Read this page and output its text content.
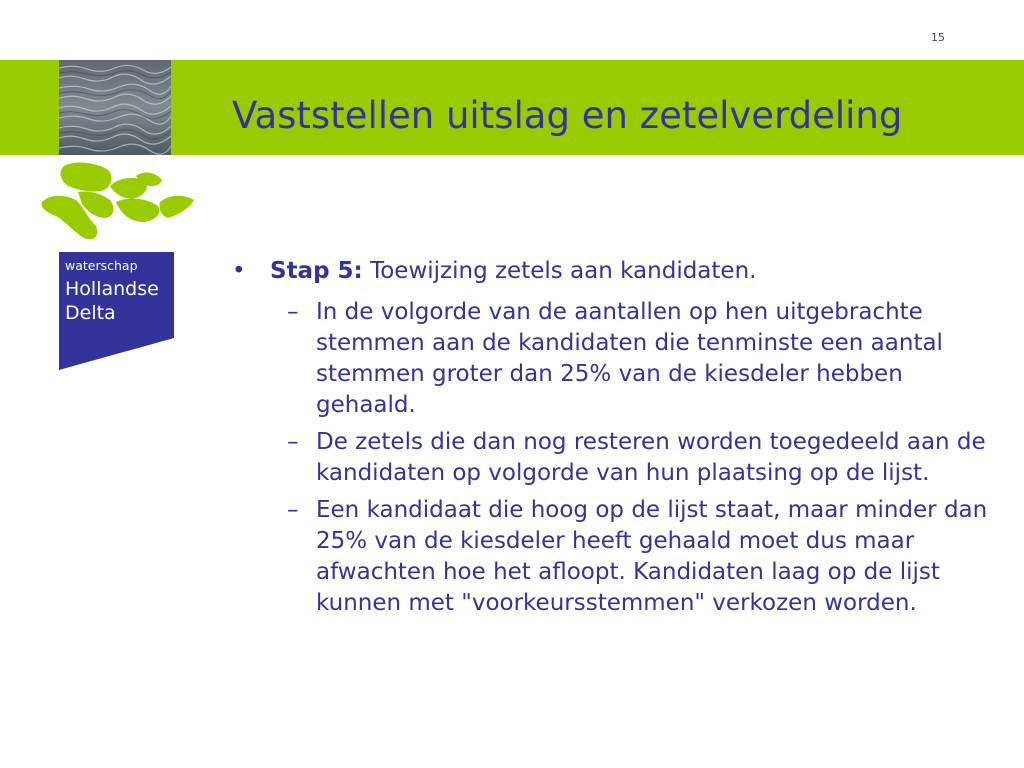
15
Vaststellen uitslag en zetelverdeling
waterschap
Hollandse
Delta
• Stap 5: Toewijzing zetels aan kandidaten.
– In de volgorde van de aantallen op hen uitgebrachte stemmen aan de kandidaten die tenminste een aantal stemmen groter dan 25% van de kiesdeler hebben gehaald.
– De zetels die dan nog resteren worden toegedeeld aan de kandidaten op volgorde van hun plaatsing op de lijst.
– Een kandidaat die hoog op de lijst staat, maar minder dan 25% van de kiesdeler heeft gehaald moet dus maar afwachten hoe het afloopt. Kandidaten laag op de lijst kunnen met "voorkeursstemmen" verkozen worden.
